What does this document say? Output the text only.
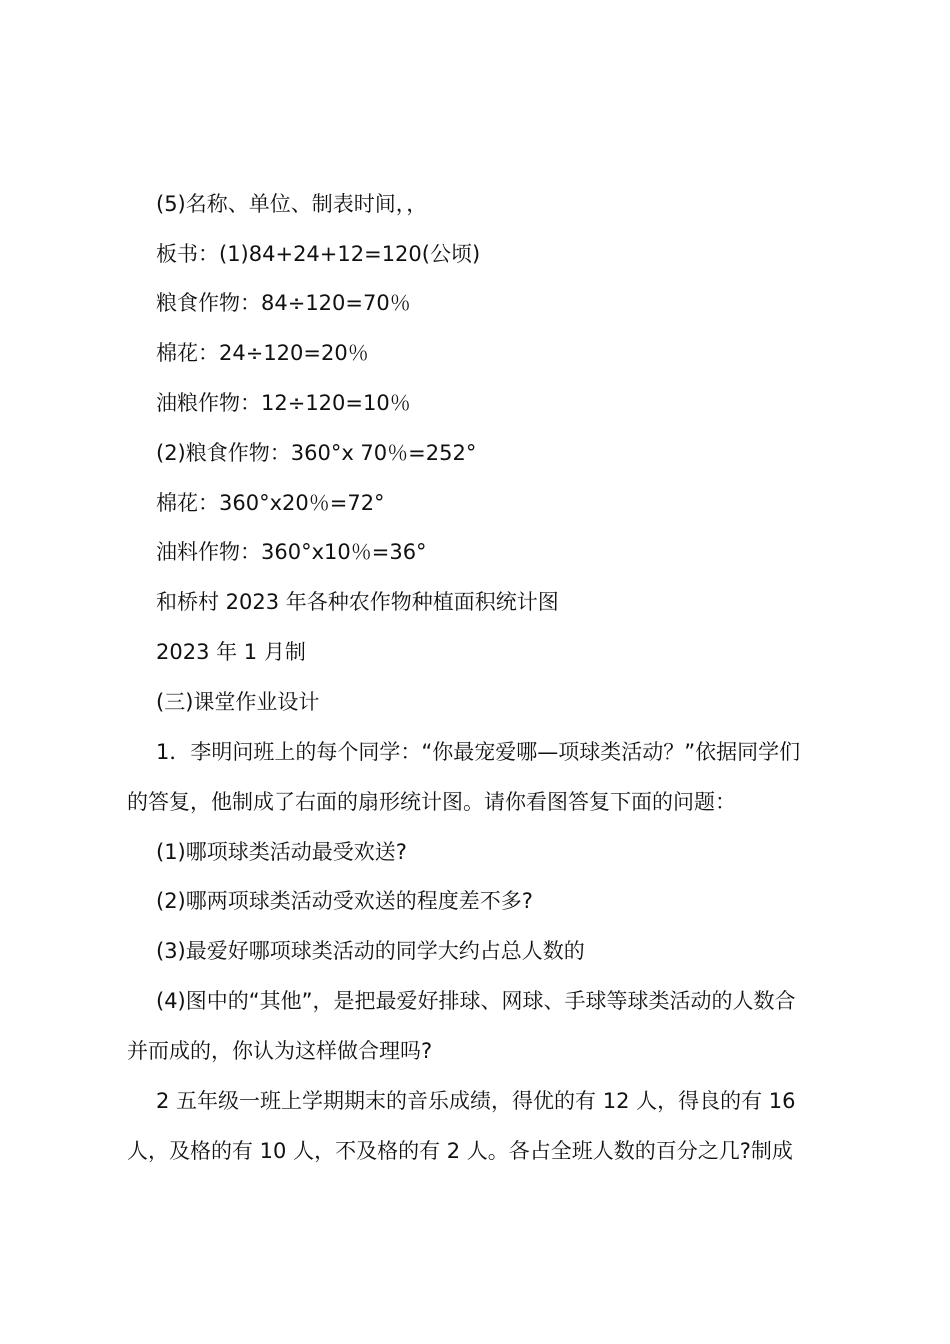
(5)名称、单位、制表时间，，
板书：(1)84+24+12=120(公顷)
粮食作物：84÷120=70％
棉花：24÷120=20％
油粮作物：12÷120=10％
(2)粮食作物：360°x 70％=252°
棉花：360°x20％=72°
油料作物：360°x10％=36°
和桥村 2023 年各种农作物种植面积统计图
2023 年 1 月制
(三)课堂作业设计
1．李明问班上的每个同学：“你最宠爱哪—项球类活动？”依据同学们
的答复，他制成了右面的扇形统计图。请你看图答复下面的问题：
(1)哪项球类活动最受欢送?
(2)哪两项球类活动受欢送的程度差不多?
(3)最爱好哪项球类活动的同学大约占总人数的
(4)图中的“其他”，是把最爱好排球、网球、手球等球类活动的人数合
并而成的，你认为这样做合理吗?
2 五年级一班上学期期末的音乐成绩，得优的有 12 人，得良的有 16
人，及格的有 10 人，不及格的有 2 人。各占全班人数的百分之几?制成
